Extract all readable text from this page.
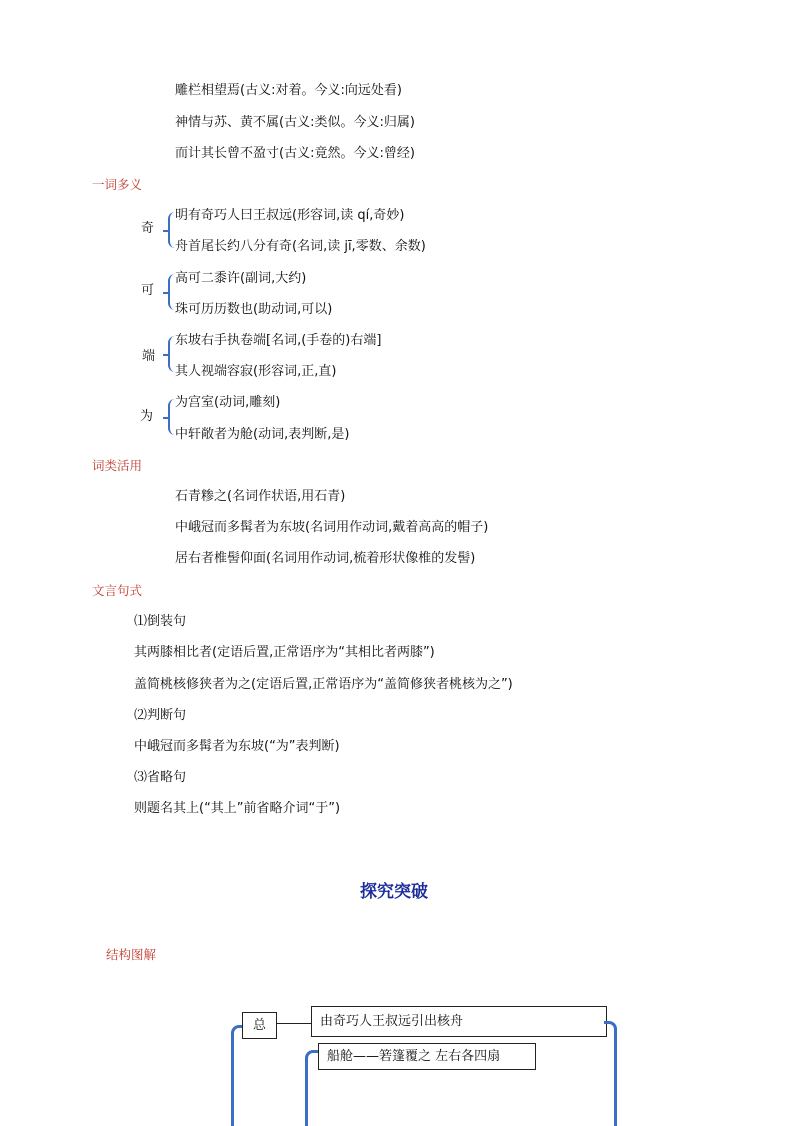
雕栏相望焉(古义:对着。今义:向远处看)
神情与苏、黄不属(古义:类似。今义:归属)
而计其长曾不盈寸(古义:竟然。今义:曾经)
一词多义
奇
明有奇巧人曰王叔远(形容词,读 qí,奇妙)
舟首尾长约八分有奇(名词,读 jī,零数、余数)
可
高可二黍许(副词,大约)
珠可历历数也(助动词,可以)
端
东坡右手执卷端[名词,(手卷的)右端]
其人视端容寂(形容词,正,直)
为
为宫室(动词,雕刻)
中轩敞者为舱(动词,表判断,是)
词类活用
石青糁之(名词作状语,用石青)
中峨冠而多髯者为东坡(名词用作动词,戴着高高的帽子)
居右者椎髻仰面(名词用作动词,梳着形状像椎的发髻)
文言句式
⑴倒装句
其两膝相比者(定语后置,正常语序为“其相比者两膝”)
盖简桃核修狭者为之(定语后置,正常语序为“盖简修狭者桃核为之”)
⑵判断句
中峨冠而多髯者为东坡(“为”表判断)
⑶省略句
则题名其上(“其上”前省略介词“于”)
探究突破
结构图解
总	由奇巧人王叔远引出核舟
船舱——箬篷覆之 左右各四扇
